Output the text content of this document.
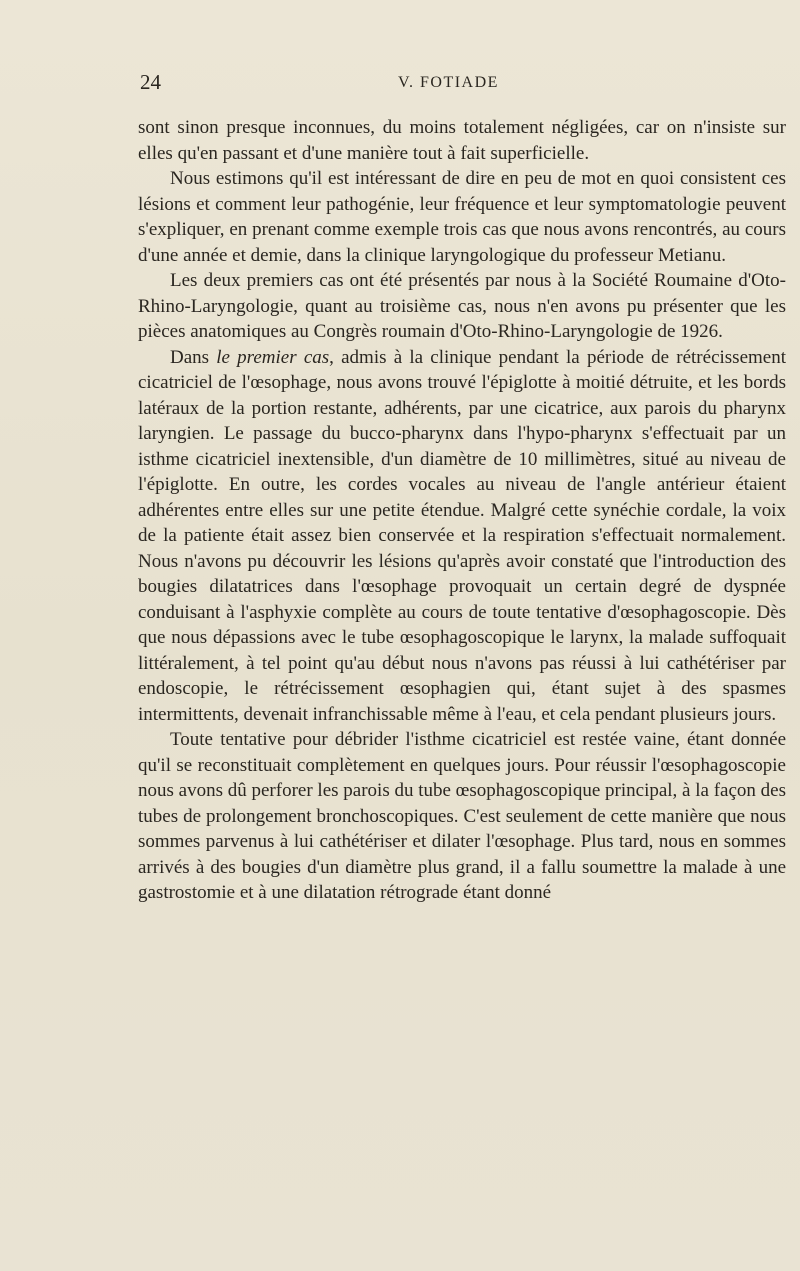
24	V. FOTIADE

sont sinon presque inconnues, du moins totalement négligées, car on n'insiste sur elles qu'en passant et d'une manière tout à fait superficielle.

Nous estimons qu'il est intéressant de dire en peu de mot en quoi consistent ces lésions et comment leur pathogénie, leur fréquence et leur symptomatologie peuvent s'expliquer, en prenant comme exemple trois cas que nous avons rencontrés, au cours d'une année et demie, dans la clinique laryngologique du professeur Metianu.

Les deux premiers cas ont été présentés par nous à la Société Roumaine d'Oto-Rhino-Laryngologie, quant au troisième cas, nous n'en avons pu présenter que les pièces anatomiques au Congrès roumain d'Oto-Rhino-Laryngologie de 1926.

Dans le premier cas, admis à la clinique pendant la période de rétrécissement cicatriciel de l'œsophage, nous avons trouvé l'épiglotte à moitié détruite, et les bords latéraux de la portion restante, adhérents, par une cicatrice, aux parois du pharynx laryngien. Le passage du bucco-pharynx dans l'hypo-pharynx s'effectuait par un isthme cicatriciel inextensible, d'un diamètre de 10 millimètres, situé au niveau de l'épiglotte. En outre, les cordes vocales au niveau de l'angle antérieur étaient adhérentes entre elles sur une petite étendue. Malgré cette synéchie cordale, la voix de la patiente était assez bien conservée et la respiration s'effectuait normalement. Nous n'avons pu découvrir les lésions qu'après avoir constaté que l'introduction des bougies dilatatrices dans l'œsophage provoquait un certain degré de dyspnée conduisant à l'asphyxie complète au cours de toute tentative d'œsophagoscopie. Dès que nous dépassions avec le tube œsophagoscopique le larynx, la malade suffoquait littéralement, à tel point qu'au début nous n'avons pas réussi à lui cathétériser par endoscopie, le rétrécissement œsophagien qui, étant sujet à des spasmes intermittents, devenait infranchissable même à l'eau, et cela pendant plusieurs jours.

Toute tentative pour débrider l'isthme cicatriciel est restée vaine, étant donnée qu'il se reconstituait complètement en quelques jours. Pour réussir l'œsophagoscopie nous avons dû perforer les parois du tube œsophagoscopique principal, à la façon des tubes de prolongement bronchoscopiques. C'est seulement de cette manière que nous sommes parvenus à lui cathétériser et dilater l'œsophage. Plus tard, nous en sommes arrivés à des bougies d'un diamètre plus grand, il a fallu soumettre la malade à une gastrostomie et à une dilatation rétrograde étant donné
